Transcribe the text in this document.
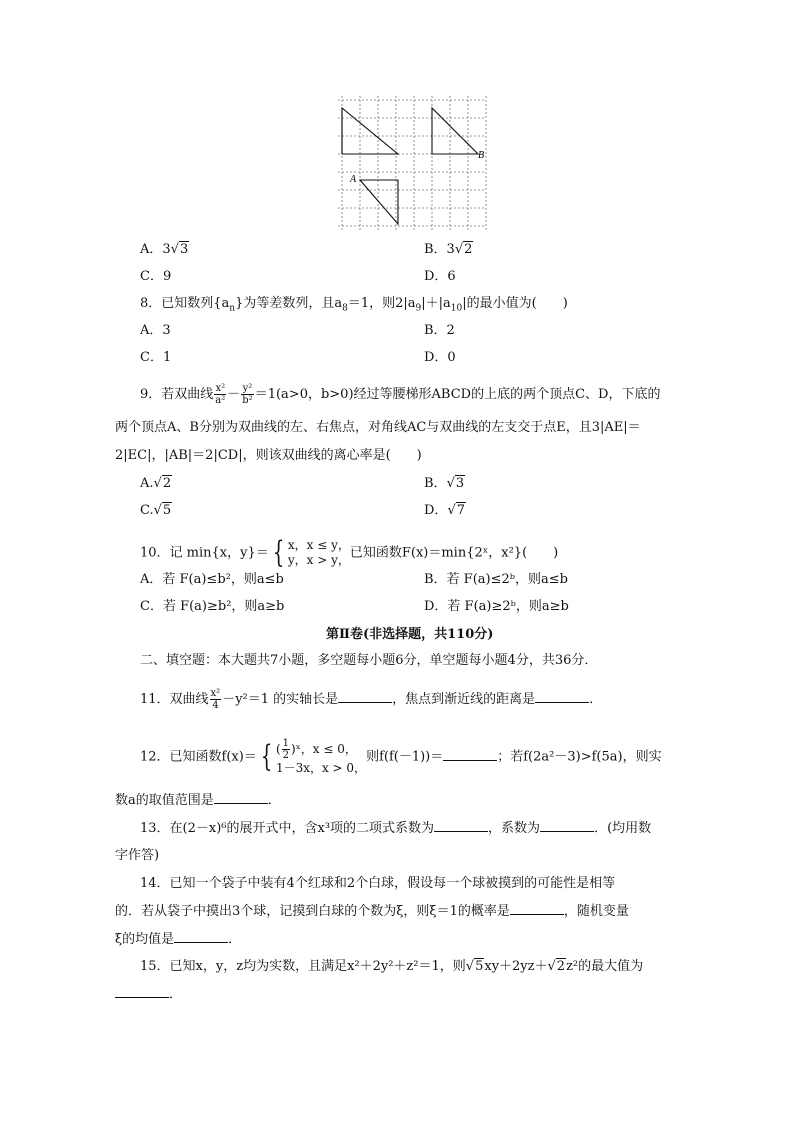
A
B
A．3√3	B．3√2
C．9	D．6
8．已知数列$\{a_n\}$为等差数列，且$a_8=1$，则$2|a_9|+|a_{10}|$的最小值为(　　)
A．3	B．2
C．1	D．0
9．若双曲线 $\frac{\text{x²}}{\text{a²}} - \frac{\text{y²}}{\text{b²}} =1(a>0$，b>0)经过等腰梯形ABCD的上底的两个顶点C、D，下底的
两个顶点A、B分别为双曲线的左、右焦点，对角线AC与双曲线的左支交于点E，且3|AE|＝
2|EC|，|AB|＝2|CD|，则该双曲线的离心率是(　　)
A.√2	B．√3
C.√5	D．√7
10．记 min{x，y}＝ { x，x ≤ y，
y，x > y， 已知函数F(x)＝min{2ˣ，x²}(　　)
A．若 F(a)≤b²，则a≤b	B．若 F(a)≤2ᵇ，则a≤b
C．若 F(a)≥b²，则a≥b	D．若 F(a)≥2ᵇ，则a≥b
第Ⅱ卷(非选择题，共110分)
二、填空题：本大题共7小题，多空题每小题6分，单空题每小题4分，共36分．
11．双曲线 $\frac{\text{x²}}{4} -y^2=1$ 的实轴长是	，焦点到渐近线的距离是	．
12．已知函数f(x)＝ { ( $\frac{1}{2}$ )ˣ，x ≤ 0，
1－3x，x > 0，
则f(f(－1))＝	；若f(2a²－3)>f(5a)，则实
数a的取值范围是	．
13．在(2－x)⁶的展开式中，含x³项的二项式系数为	，系数为	．(均用数
字作答)
14．已知一个袋子中装有4个红球和2个白球，假设每一个球被摸到的可能性是相等
的．若从袋子中摸出3个球，记摸到白球的个数为ξ，则ξ＝1的概率是	，随机变量
ξ的均值是	．
15．已知x，y，z均为实数，且满足x²＋2y²＋z²＝1，则√5xy＋2yz＋√2z²的最大值为
．
